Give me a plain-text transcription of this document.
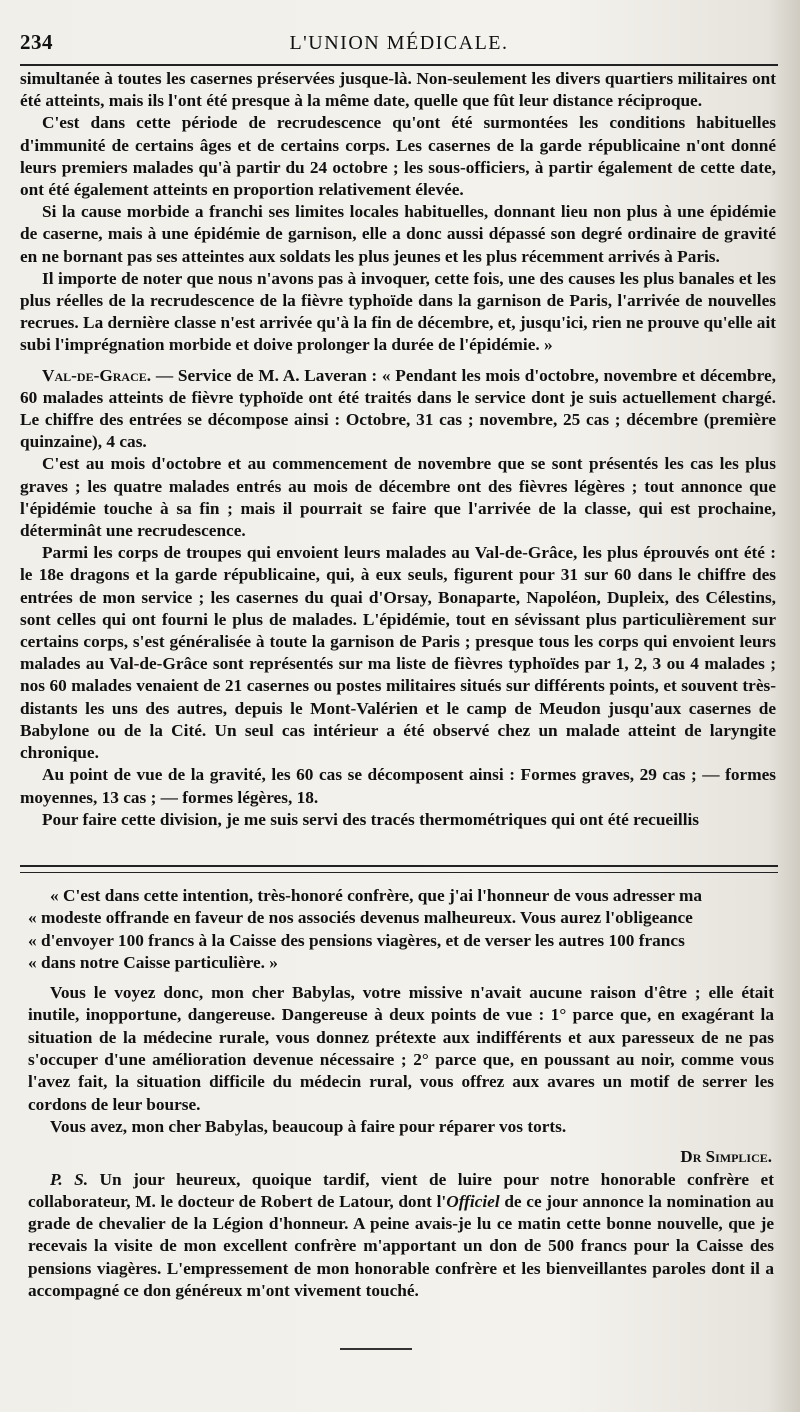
234	L'UNION MÉDICALE.

simultanée à toutes les casernes préservées jusque-là. Non-seulement les divers quartiers militaires ont été atteints, mais ils l'ont été presque à la même date, quelle que fût leur distance réciproque.

C'est dans cette période de recrudescence qu'ont été surmontées les conditions habituelles d'immunité de certains âges et de certains corps. Les casernes de la garde républicaine n'ont donné leurs premiers malades qu'à partir du 24 octobre ; les sous-officiers, à partir également de cette date, ont été également atteints en proportion relativement élevée.

Si la cause morbide a franchi ses limites locales habituelles, donnant lieu non plus à une épidémie de caserne, mais à une épidémie de garnison, elle a donc aussi dépassé son degré ordinaire de gravité en ne bornant pas ses atteintes aux soldats les plus jeunes et les plus récemment arrivés à Paris.

Il importe de noter que nous n'avons pas à invoquer, cette fois, une des causes les plus banales et les plus réelles de la recrudescence de la fièvre typhoïde dans la garnison de Paris, l'arrivée de nouvelles recrues. La dernière classe n'est arrivée qu'à la fin de décembre, et, jusqu'ici, rien ne prouve qu'elle ait subi l'imprégnation morbide et doive prolonger la durée de l'épidémie. »

Val-de-Grace. — Service de M. A. Laveran : « Pendant les mois d'octobre, novembre et décembre, 60 malades atteints de fièvre typhoïde ont été traités dans le service dont je suis actuellement chargé. Le chiffre des entrées se décompose ainsi : Octobre, 31 cas ; novembre, 25 cas ; décembre (première quinzaine), 4 cas.

C'est au mois d'octobre et au commencement de novembre que se sont présentés les cas les plus graves ; les quatre malades entrés au mois de décembre ont des fièvres légères ; tout annonce que l'épidémie touche à sa fin ; mais il pourrait se faire que l'arrivée de la classe, qui est prochaine, déterminât une recrudescence.

Parmi les corps de troupes qui envoient leurs malades au Val-de-Grâce, les plus éprouvés ont été : le 18e dragons et la garde républicaine, qui, à eux seuls, figurent pour 31 sur 60 dans le chiffre des entrées de mon service ; les casernes du quai d'Orsay, Bonaparte, Napoléon, Dupleix, des Célestins, sont celles qui ont fourni le plus de malades. L'épidémie, tout en sévissant plus particulièrement sur certains corps, s'est généralisée à toute la garnison de Paris ; presque tous les corps qui envoient leurs malades au Val-de-Grâce sont représentés sur ma liste de fièvres typhoïdes par 1, 2, 3 ou 4 malades ; nos 60 malades venaient de 21 casernes ou postes militaires situés sur différents points, et souvent très-distants les uns des autres, depuis le Mont-Valérien et le camp de Meudon jusqu'aux casernes de Babylone ou de la Cité. Un seul cas intérieur a été observé chez un malade atteint de laryngite chronique.

Au point de vue de la gravité, les 60 cas se décomposent ainsi : Formes graves, 29 cas ; — formes moyennes, 13 cas ; — formes légères, 18.

Pour faire cette division, je me suis servi des tracés thermométriques qui ont été recueillis

« C'est dans cette intention, très-honoré confrère, que j'ai l'honneur de vous adresser ma

« modeste offrande en faveur de nos associés devenus malheureux. Vous aurez l'obligeance

« d'envoyer 100 francs à la Caisse des pensions viagères, et de verser les autres 100 francs

« dans notre Caisse particulière. »

Vous le voyez donc, mon cher Babylas, votre missive n'avait aucune raison d'être ; elle était inutile, inopportune, dangereuse. Dangereuse à deux points de vue : 1° parce que, en exagérant la situation de la médecine rurale, vous donnez prétexte aux indifférents et aux paresseux de ne pas s'occuper d'une amélioration devenue nécessaire ; 2° parce que, en poussant au noir, comme vous l'avez fait, la situation difficile du médecin rural, vous offrez aux avares un motif de serrer les cordons de leur bourse.

Vous avez, mon cher Babylas, beaucoup à faire pour réparer vos torts.

Dr Simplice.

P. S. Un jour heureux, quoique tardif, vient de luire pour notre honorable confrère et collaborateur, M. le docteur de Robert de Latour, dont l'Officiel de ce jour annonce la nomination au grade de chevalier de la Légion d'honneur. A peine avais-je lu ce matin cette bonne nouvelle, que je recevais la visite de mon excellent confrère m'apportant un don de 500 francs pour la Caisse des pensions viagères. L'empressement de mon honorable confrère et les bienveillantes paroles dont il a accompagné ce don généreux m'ont vivement touché.
